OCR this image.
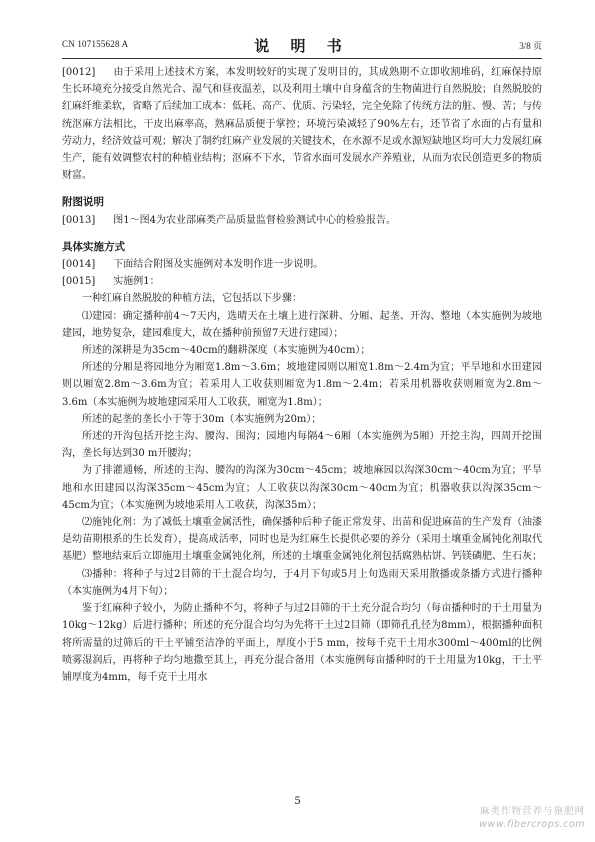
CN 107155628 A	说 明 书	3/8 页

[0012] 由于采用上述技术方案，本发明较好的实现了发明目的，其成熟期不立即收割堆码，红麻保持原生长环境充分接受自然光合、湿气和昼夜温差，以及利用土壤中自身蕴含的生物菌进行自然脱胶；自然脱胶的红麻纤维柔软，省略了后续加工成本：低耗、高产、优质、污染轻，完全免除了传统方法的脏、慢、苦；与传统沤麻方法相比，干皮出麻率高，熟麻品质便于掌控；环境污染减轻了90%左右，还节省了水面的占有量和劳动力，经济效益可观；解决了制约红麻产业发展的关键技术，在水源不足或水源短缺地区均可大力发展红麻生产，能有效调整农村的种植业结构；沤麻不下水，节省水面可发展水产养殖业，从而为农民创造更多的物质财富。

附图说明

[0013] 图1～图4为农业部麻类产品质量监督检验测试中心的检验报告。

具体实施方式

[0014] 下面结合附图及实施例对本发明作进一步说明。

[0015] 实施例1：

一种红麻自然脱胶的种植方法，它包括以下步骤：

⑴建园：确定播种前4～7天内，选晴天在土壤上进行深耕、分厢、起垄、开沟、整地（本实施例为坡地建园，地势复杂，建园难度大，故在播种前预留7天进行建园）；

所述的深耕是为35cm～40cm的翻耕深度（本实施例为40cm）；

所述的分厢是将园地分为厢宽1.8m～3.6m；坡地建园则以厢宽1.8m～2.4m为宜；平旱地和水田建园则以厢宽2.8m～3.6m为宜；若采用人工收获则厢宽为1.8m～2.4m；若采用机器收获则厢宽为2.8m～3.6m（本实施例为坡地建园采用人工收获，厢宽为1.8m）；

所述的起垄的垄长小于等于30m（本实施例为20m）；

所述的开沟包括开挖主沟、腰沟、围沟；园地内每隔4～6厢（本实施例为5厢）开挖主沟，四周开挖围沟，垄长每达到30 m开腰沟；

为了排灌通畅，所述的主沟、腰沟的沟深为30cm～45cm；坡地麻园以沟深30cm～40cm为宜；平旱地和水田建园以沟深35cm～45cm为宜；人工收获以沟深30cm～40cm为宜；机器收获以沟深35cm～45cm为宜；（本实施例为坡地采用人工收获，沟深35m）；

⑵施钝化剂：为了减低土壤重金属活性，确保播种后种子能正常发芽、出苗和促进麻苗的生产发育（油漆是幼苗期根系的生长发育），提高成活率，同时也是为红麻生长提供必要的养分（采用土壤重金属钝化剂取代基肥）整地结束后立即施用土壤重金属钝化剂，所述的土壤重金属钝化剂包括腐熟枯饼、钙镁磷肥、生石灰；

⑶播种：将种子与过2目筛的干土混合均匀，于4月下旬或5月上旬选雨天采用散播或条播方式进行播种（本实施例为4月下旬）；

鉴于红麻种子较小，为防止播种不匀，将种子与过2目筛的干土充分混合均匀（每亩播种时的干土用量为10kg～12kg）后进行播种；所述的充分混合均匀为先将干土过2目筛（即筛孔孔径为8mm），根据播种面积将所需量的过筛后的干土平铺至洁净的平面上，厚度小于5 mm，按每千克干土用水300ml～400ml的比例喷雾湿润后，再将种子均匀地撒至其上，再充分混合备用（本实施例每亩播种时的干土用量为10kg，干土平铺厚度为4mm，每千克干土用水

5
麻类作物营养与施肥网
www.fibercrops.com
